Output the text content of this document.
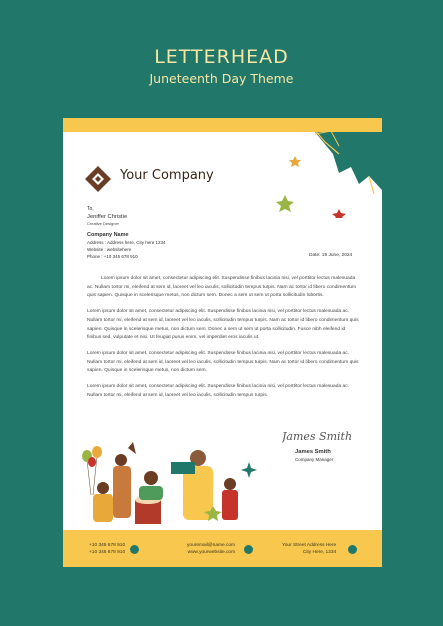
LETTERHEAD
Juneteenth Day Theme
Your Company
To,
Jeniffer Christie
Creative Designer
Company Name
Address : Address here, City here 1234
Website : websitehere
Phone : +10 345 678 910	Date: 19 June, 2024

Lorem ipsum dolor sit amet, consectetur adipiscing elit. Suspendisse finibus lacinia nisi, vel porttitor lectus malesuada ac. Nullam tortor mi, eleifend at sem id, laoreet vel leo iaculis, sollicitudin tempus turpis. Nam ac tortor id libero condimentum quis sapien. Quisque in scelerisque metus, non dictum sem. Donec a sem ut sem ut porta sollicitudin lobortis.

Lorem ipsum dolor sit amet, consectetur adipiscing elit. Suspendisse finibus lacinia nisi, vel porttitor lectus malesuada ac. Nullam tortor mi, eleifend at sem id, laoreet vel leo iaculis, sollicitudin tempus turpis. Nam ac tortor id libero condimentum quis sapien. Quisque in scelerisque metus, non dictum sem. Donec a sem ut sem ut porta sollicitudin. Fusce nibh eleifend id finibus sed, vulputate et nisi. Ut feugiat purus enim, vel imperdiet eros iaculis ut.

Lorem ipsum dolor sit amet, consectetur adipiscing elit. Suspendisse finibus lacinia nisi, vel porttitor lectus malesuada ac. Nullam tortor mi, eleifend at sem id, laoreet vel leo iaculis, sollicitudin tempus turpis. Nam ac tortor id libero condimentum quis sapien. Quisque in scelerisque metus, non dictum sem.

Lorem ipsum dolor sit amet, consectetur adipiscing elit. Suspendisse finibus lacinia nisi, vel porttitor lectus malesuada ac. Nullam tortor mi, eleifend at sem id, laoreet vel leo iaculis, sollicitudin tempus turpis.

James Smith
James Smith
Company Manager
+10 345 678 910
+10 345 678 910
youremail@name.com
www.yourwebsite.com
Your Street Address Here
City Here, 1234
